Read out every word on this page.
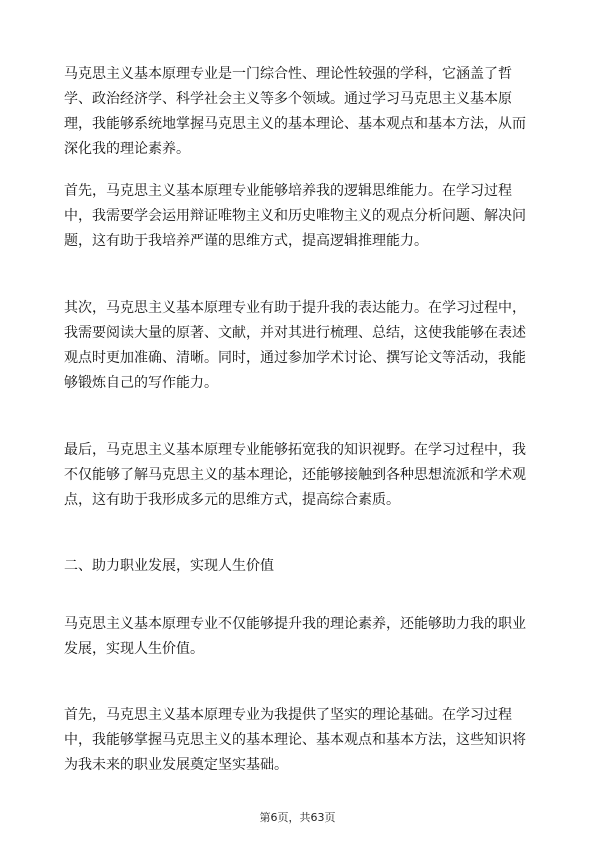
马克思主义基本原理专业是一门综合性、理论性较强的学科，它涵盖了哲学、政治经济学、科学社会主义等多个领域。通过学习马克思主义基本原理，我能够系统地掌握马克思主义的基本理论、基本观点和基本方法，从而深化我的理论素养。

首先，马克思主义基本原理专业能够培养我的逻辑思维能力。在学习过程中，我需要学会运用辩证唯物主义和历史唯物主义的观点分析问题、解决问题，这有助于我培养严谨的思维方式，提高逻辑推理能力。

其次，马克思主义基本原理专业有助于提升我的表达能力。在学习过程中，我需要阅读大量的原著、文献，并对其进行梳理、总结，这使我能够在表述观点时更加准确、清晰。同时，通过参加学术讨论、撰写论文等活动，我能够锻炼自己的写作能力。

最后，马克思主义基本原理专业能够拓宽我的知识视野。在学习过程中，我不仅能够了解马克思主义的基本理论，还能够接触到各种思想流派和学术观点，这有助于我形成多元的思维方式，提高综合素质。

二、助力职业发展，实现人生价值

马克思主义基本原理专业不仅能够提升我的理论素养，还能够助力我的职业发展，实现人生价值。

首先，马克思主义基本原理专业为我提供了坚实的理论基础。在学习过程中，我能够掌握马克思主义的基本理论、基本观点和基本方法，这些知识将为我未来的职业发展奠定坚实基础。

第6页，共63页
